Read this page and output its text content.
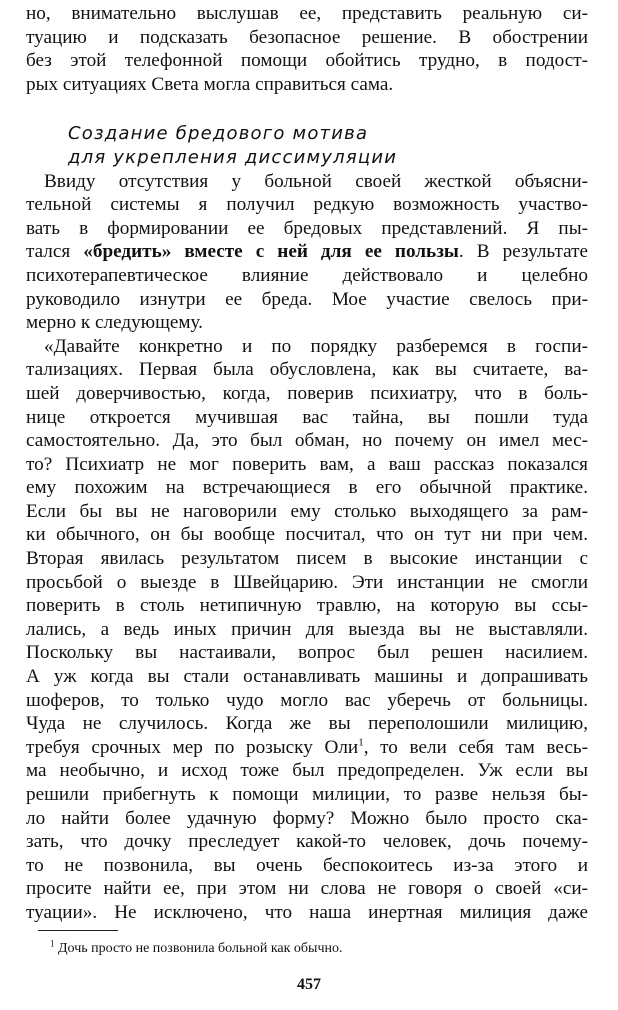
но, внимательно выслушав ее, представить реальную си-
туацию и подсказать безопасное решение. В обострении
без этой телефонной помощи обойтись трудно, в подост-
рых ситуациях Света могла справиться сама.
Создание бредового мотива
для укрепления диссимуляции
Ввиду отсутствия у больной своей жесткой объясни-
тельной системы я получил редкую возможность участво-
вать в формировании ее бредовых представлений. Я пы-
тался «бредить» вместе с ней для ее пользы. В результате
психотерапевтическое влияние действовало и целебно
руководило изнутри ее бреда. Мое участие свелось при-
мерно к следующему.
«Давайте конкретно и по порядку разберемся в госпи-
тализациях. Первая была обусловлена, как вы считаете, ва-
шей доверчивостью, когда, поверив психиатру, что в боль-
нице откроется мучившая вас тайна, вы пошли туда
самостоятельно. Да, это был обман, но почему он имел мес-
то? Психиатр не мог поверить вам, а ваш рассказ показался
ему похожим на встречающиеся в его обычной практике.
Если бы вы не наговорили ему столько выходящего за рам-
ки обычного, он бы вообще посчитал, что он тут ни при чем.
Вторая явилась результатом писем в высокие инстанции с
просьбой о выезде в Швейцарию. Эти инстанции не смогли
поверить в столь нетипичную травлю, на которую вы ссы-
лались, а ведь иных причин для выезда вы не выставляли.
Поскольку вы настаивали, вопрос был решен насилием.
А уж когда вы стали останавливать машины и допрашивать
шоферов, то только чудо могло вас уберечь от больницы.
Чуда не случилось. Когда же вы переполошили милицию,
требуя срочных мер по розыску Оли$^1$, то вели себя там весь-
ма необычно, и исход тоже был предопределен. Уж если вы
решили прибегнуть к помощи милиции, то разве нельзя бы-
ло найти более удачную форму? Можно было просто ска-
зать, что дочку преследует какой-то человек, дочь почему-
то не позвонила, вы очень беспокоитесь из-за этого и
просите найти ее, при этом ни слова не говоря о своей «си-
туации». Не исключено, что наша инертная милиция даже
$^1$ Дочь просто не позвонила больной как обычно.
457
